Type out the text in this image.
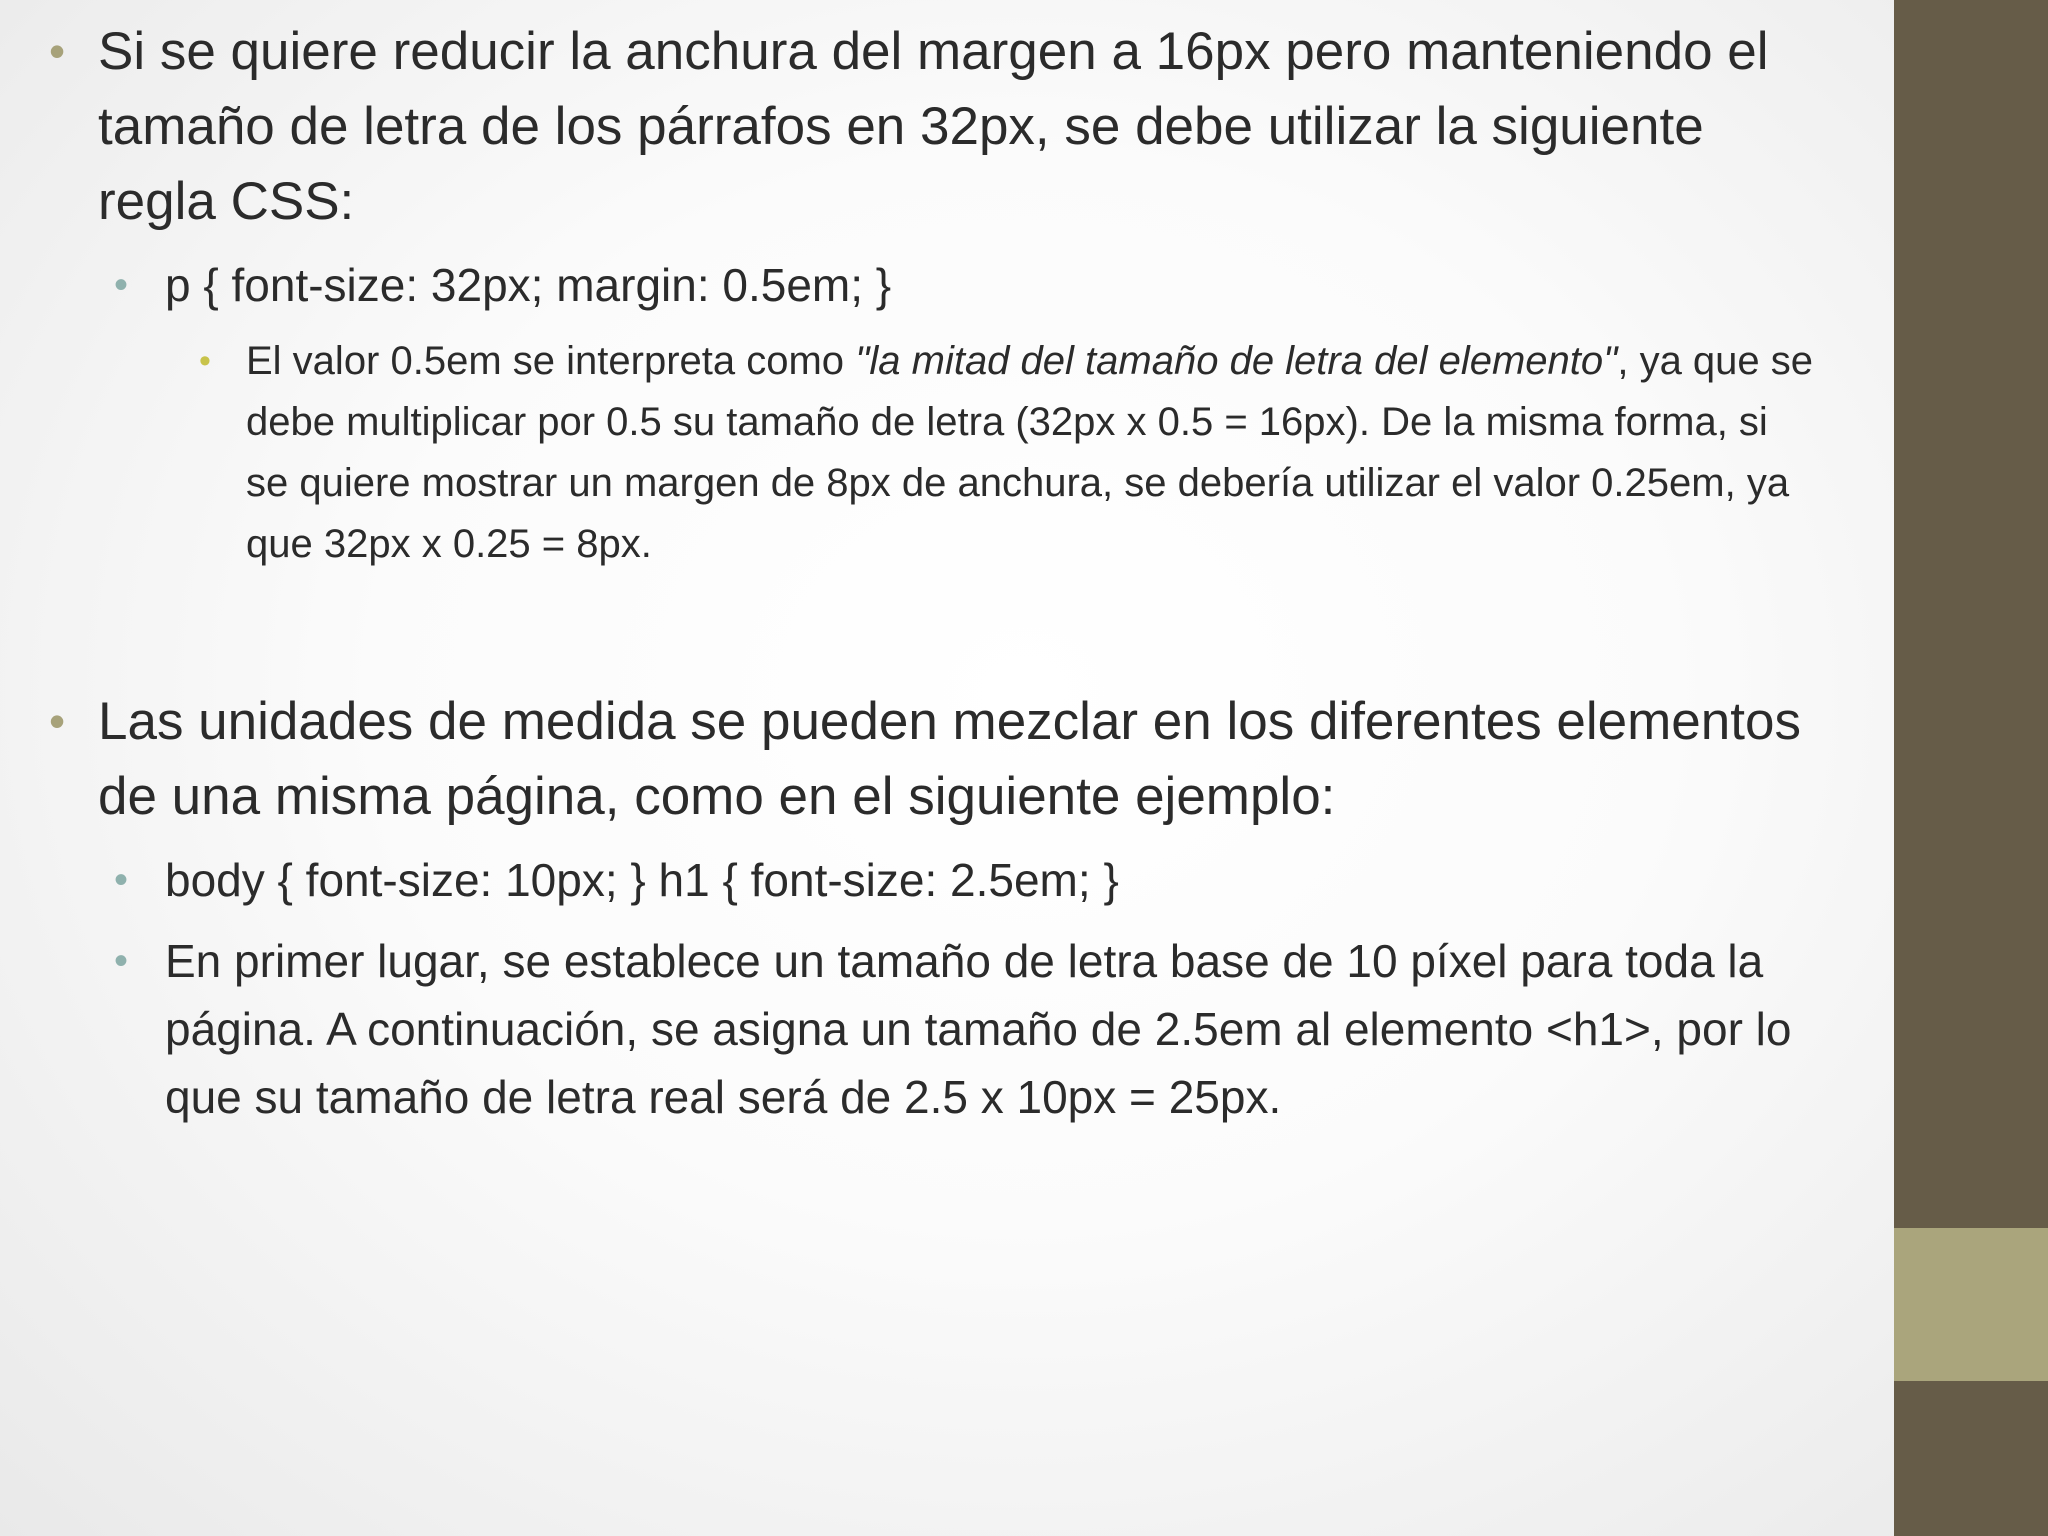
• Si se quiere reducir la anchura del margen a 16px pero manteniendo el tamaño de letra de los párrafos en 32px, se debe utilizar la siguiente regla CSS:
• p { font-size: 32px; margin: 0.5em; }
• El valor 0.5em se interpreta como "la mitad del tamaño de letra del elemento", ya que se debe multiplicar por 0.5 su tamaño de letra (32px x 0.5 = 16px). De la misma forma, si se quiere mostrar un margen de 8px de anchura, se debería utilizar el valor 0.25em, ya que 32px x 0.25 = 8px.
• Las unidades de medida se pueden mezclar en los diferentes elementos de una misma página, como en el siguiente ejemplo:
• body { font-size: 10px; } h1 { font-size: 2.5em; }
• En primer lugar, se establece un tamaño de letra base de 10 píxel para toda la página. A continuación, se asigna un tamaño de 2.5em al elemento <h1>, por lo que su tamaño de letra real será de 2.5 x 10px = 25px.
